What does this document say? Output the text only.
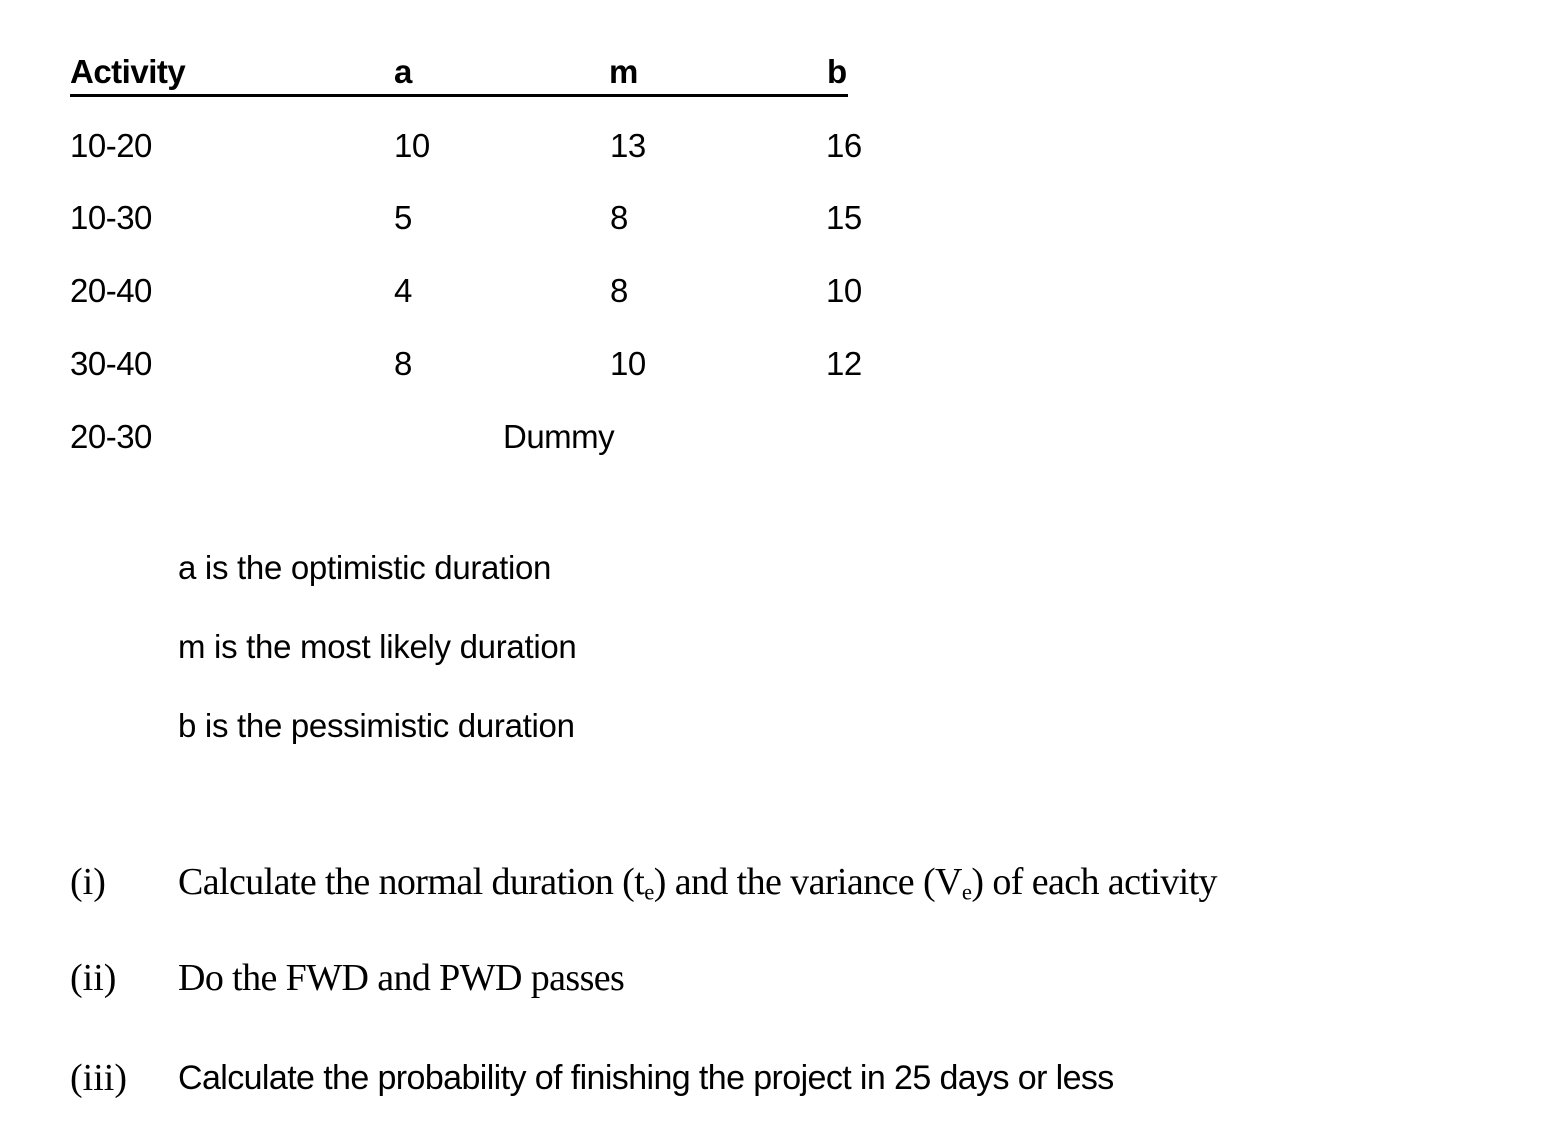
Activity	a	m	b
10-20	10	13	16
10-30	5	8	15
20-40	4	8	10
30-40	8	10	12
20-30	Dummy
a is the optimistic duration
m is the most likely duration
b is the pessimistic duration
(i) Calculate the normal duration $(t_e)$ and the variance $(V_e)$ of each activity
(ii) Do the FWD and PWD passes
(iii) Calculate the probability of finishing the project in 25 days or less
